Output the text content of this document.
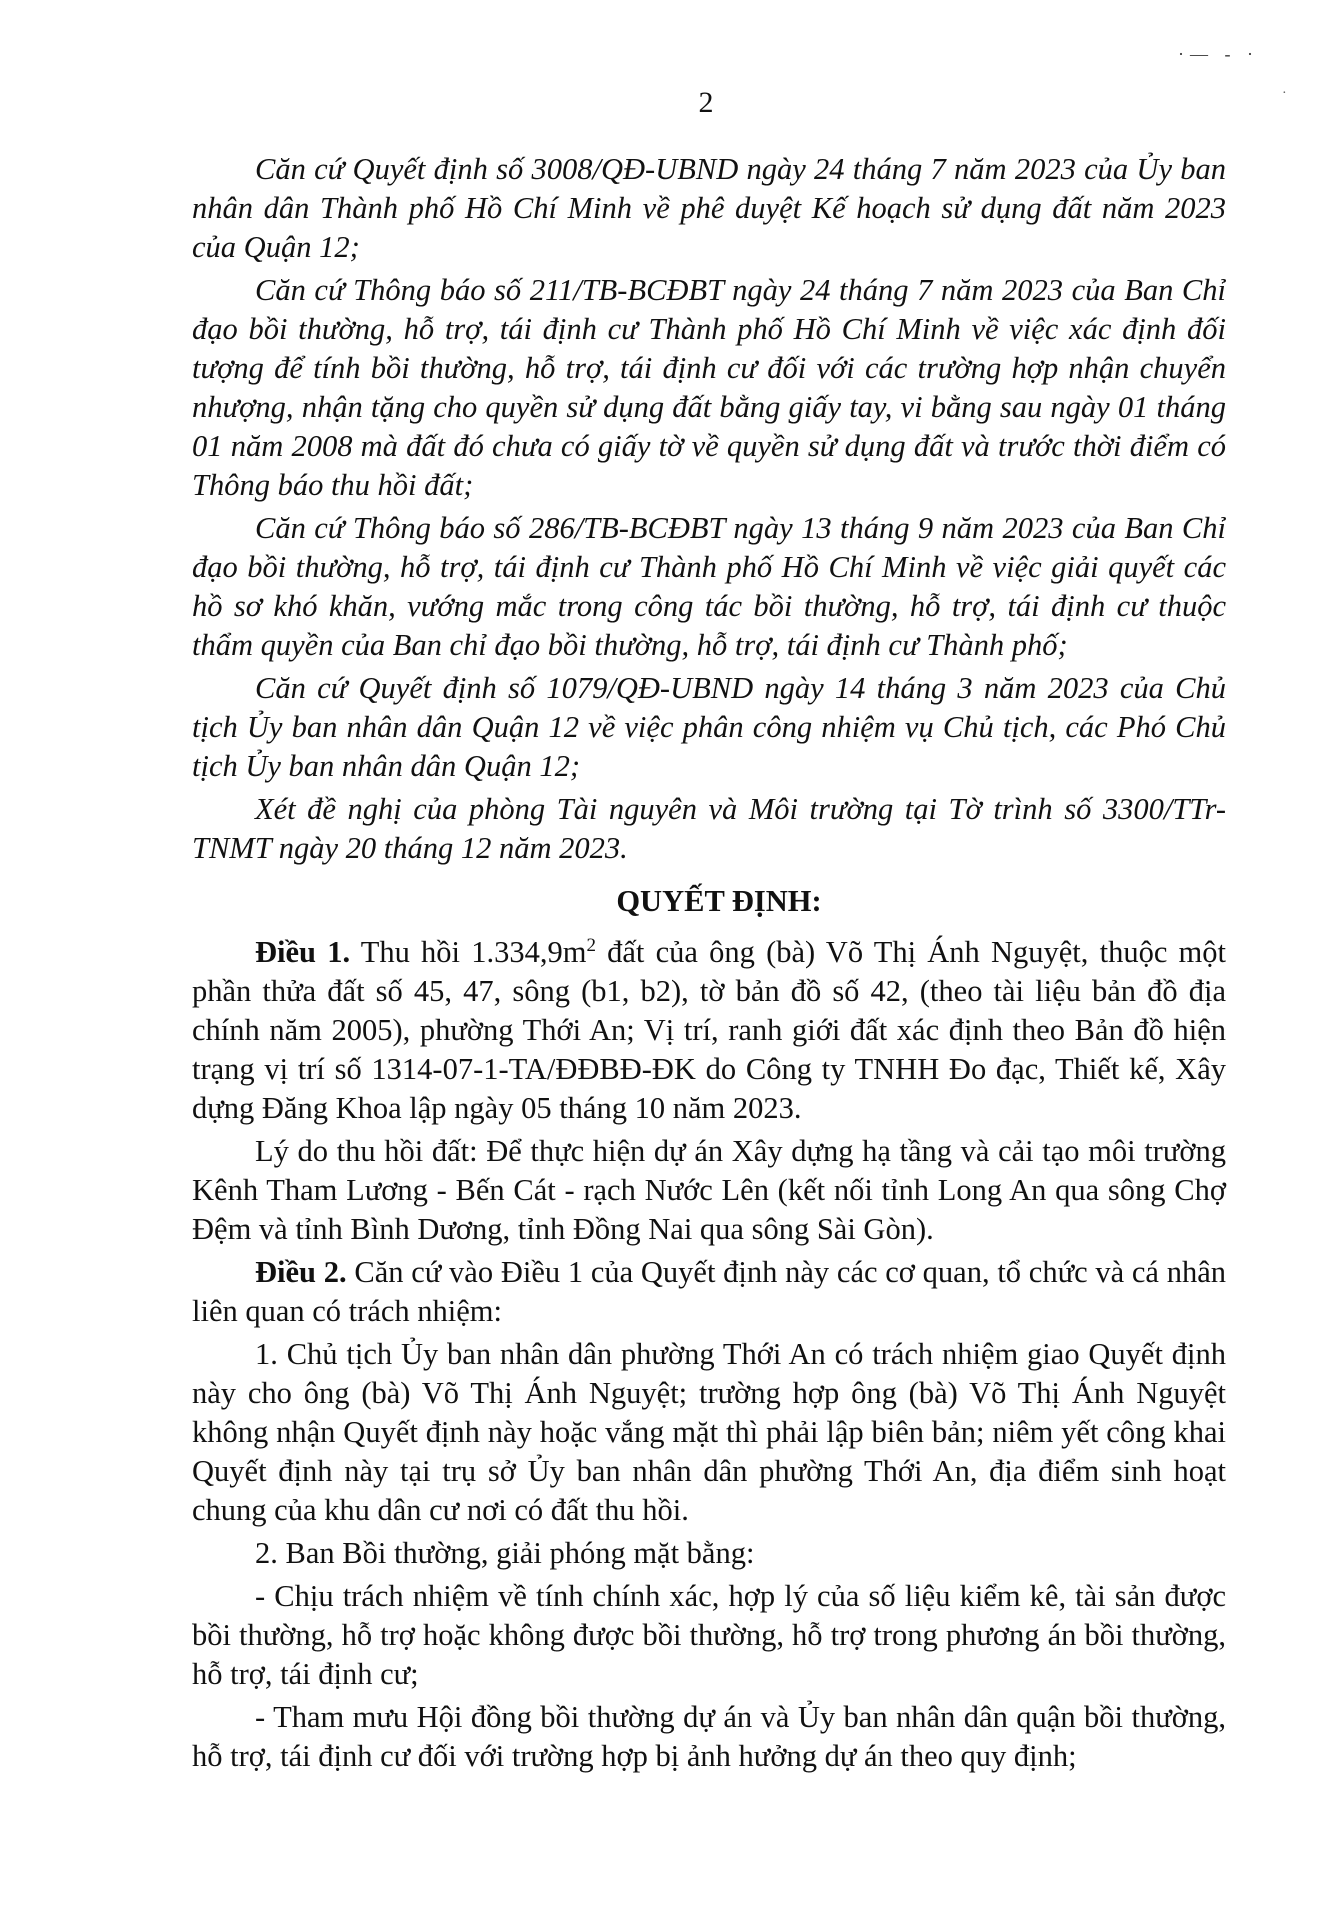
·— - ·
·
2

Căn cứ Quyết định số 3008/QĐ-UBND ngày 24 tháng 7 năm 2023 của Ủy ban nhân dân Thành phố Hồ Chí Minh về phê duyệt Kế hoạch sử dụng đất năm 2023 của Quận 12;

Căn cứ Thông báo số 211/TB-BCĐBT ngày 24 tháng 7 năm 2023 của Ban Chỉ đạo bồi thường, hỗ trợ, tái định cư Thành phố Hồ Chí Minh về việc xác định đối tượng để tính bồi thường, hỗ trợ, tái định cư đối với các trường hợp nhận chuyển nhượng, nhận tặng cho quyền sử dụng đất bằng giấy tay, vi bằng sau ngày 01 tháng 01 năm 2008 mà đất đó chưa có giấy tờ về quyền sử dụng đất và trước thời điểm có Thông báo thu hồi đất;

Căn cứ Thông báo số 286/TB-BCĐBT ngày 13 tháng 9 năm 2023 của Ban Chỉ đạo bồi thường, hỗ trợ, tái định cư Thành phố Hồ Chí Minh về việc giải quyết các hồ sơ khó khăn, vướng mắc trong công tác bồi thường, hỗ trợ, tái định cư thuộc thẩm quyền của Ban chỉ đạo bồi thường, hỗ trợ, tái định cư Thành phố;

Căn cứ Quyết định số 1079/QĐ-UBND ngày 14 tháng 3 năm 2023 của Chủ tịch Ủy ban nhân dân Quận 12 về việc phân công nhiệm vụ Chủ tịch, các Phó Chủ tịch Ủy ban nhân dân Quận 12;

Xét đề nghị của phòng Tài nguyên và Môi trường tại Tờ trình số 3300/TTr-TNMT ngày 20 tháng 12 năm 2023.

QUYẾT ĐỊNH:

Điều 1. Thu hồi $1.334,9m^2$ đất của ông (bà) Võ Thị Ánh Nguyệt, thuộc một phần thửa đất số 45, 47, sông (b1, b2), tờ bản đồ số 42, (theo tài liệu bản đồ địa chính năm 2005), phường Thới An; Vị trí, ranh giới đất xác định theo Bản đồ hiện trạng vị trí số 1314-07-1-TA/ĐĐBĐ-ĐK do Công ty TNHH Đo đạc, Thiết kế, Xây dựng Đăng Khoa lập ngày 05 tháng 10 năm 2023.

Lý do thu hồi đất: Để thực hiện dự án Xây dựng hạ tầng và cải tạo môi trường Kênh Tham Lương - Bến Cát - rạch Nước Lên (kết nối tỉnh Long An qua sông Chợ Đệm và tỉnh Bình Dương, tỉnh Đồng Nai qua sông Sài Gòn).

Điều 2. Căn cứ vào Điều 1 của Quyết định này các cơ quan, tổ chức và cá nhân liên quan có trách nhiệm:

1. Chủ tịch Ủy ban nhân dân phường Thới An có trách nhiệm giao Quyết định này cho ông (bà) Võ Thị Ánh Nguyệt; trường hợp ông (bà) Võ Thị Ánh Nguyệt không nhận Quyết định này hoặc vắng mặt thì phải lập biên bản; niêm yết công khai Quyết định này tại trụ sở Ủy ban nhân dân phường Thới An, địa điểm sinh hoạt chung của khu dân cư nơi có đất thu hồi.

2. Ban Bồi thường, giải phóng mặt bằng:

- Chịu trách nhiệm về tính chính xác, hợp lý của số liệu kiểm kê, tài sản được bồi thường, hỗ trợ hoặc không được bồi thường, hỗ trợ trong phương án bồi thường, hỗ trợ, tái định cư;

- Tham mưu Hội đồng bồi thường dự án và Ủy ban nhân dân quận bồi thường, hỗ trợ, tái định cư đối với trường hợp bị ảnh hưởng dự án theo quy định;
